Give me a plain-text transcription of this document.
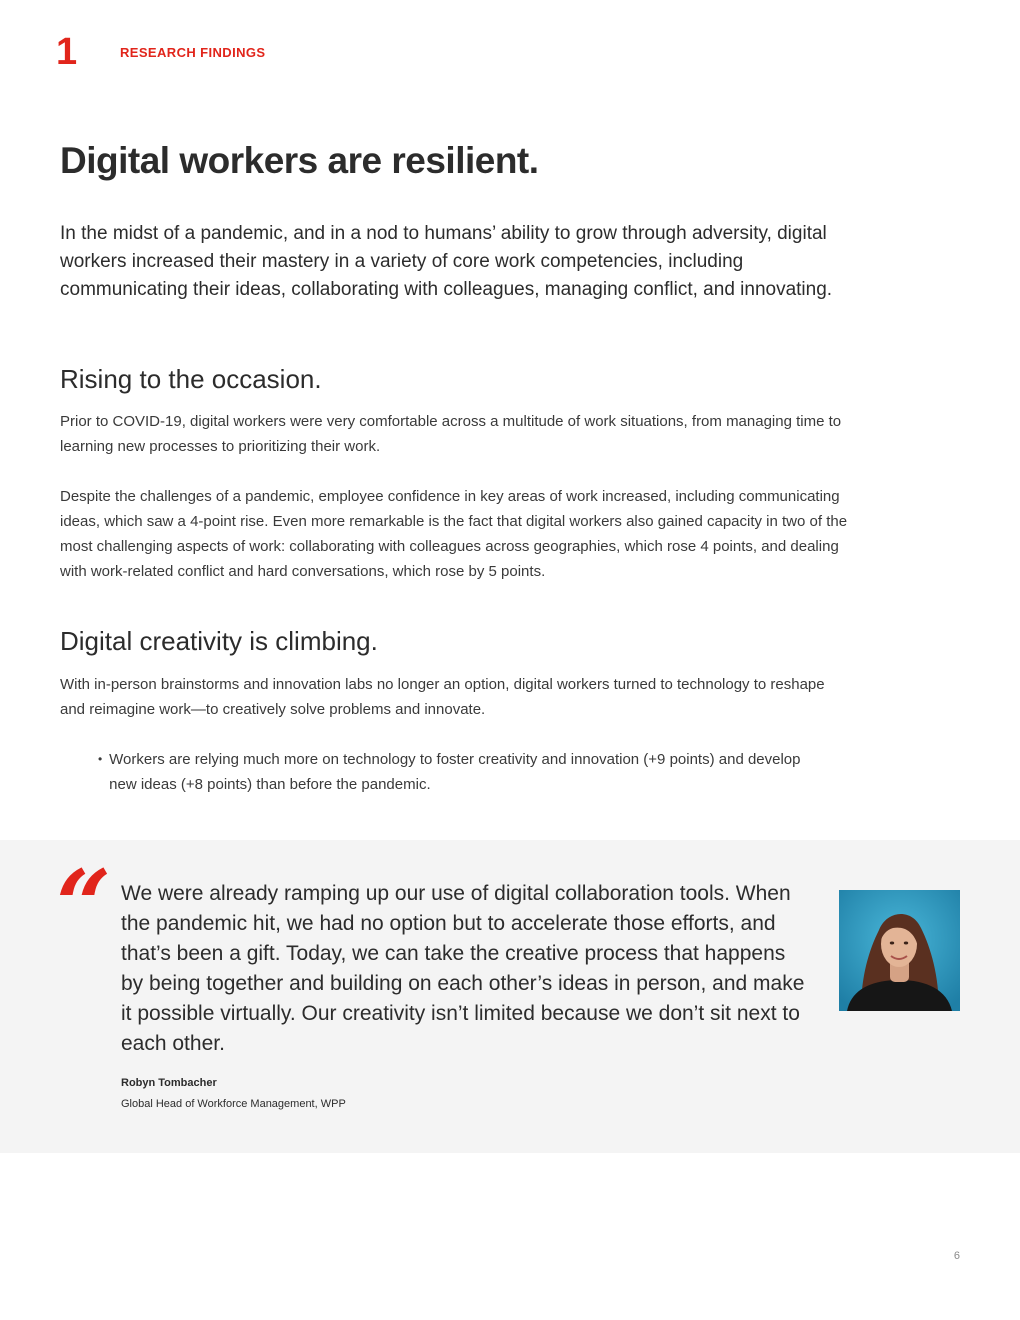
1	RESEARCH FINDINGS
Digital workers are resilient.

In the midst of a pandemic, and in a nod to humans’ ability to grow through adversity, digital workers increased their mastery in a variety of core work competencies, including communicating their ideas, collaborating with colleagues, managing conflict, and innovating.

Rising to the occasion.

Prior to COVID-19, digital workers were very comfortable across a multitude of work situations, from managing time to learning new processes to prioritizing their work.

Despite the challenges of a pandemic, employee confidence in key areas of work increased, including communicating ideas, which saw a 4-point rise. Even more remarkable is the fact that digital workers also gained capacity in two of the most challenging aspects of work: collaborating with colleagues across geographies, which rose 4 points, and dealing with work-related conflict and hard conversations, which rose by 5 points.

Digital creativity is climbing.

With in-person brainstorms and innovation labs no longer an option, digital workers turned to technology to reshape and reimagine work—to creatively solve problems and innovate.

• Workers are relying much more on technology to foster creativity and innovation (+9 points) and develop new ideas (+8 points) than before the pandemic.

“ We were already ramping up our use of digital collaboration tools. When the pandemic hit, we had no option but to accelerate those efforts, and that’s been a gift. Today, we can take the creative process that happens by being together and building on each other’s ideas in person, and make it possible virtually. Our creativity isn’t limited because we don’t sit next to each other.

Robyn Tombacher
Global Head of Workforce Management, WPP
6
